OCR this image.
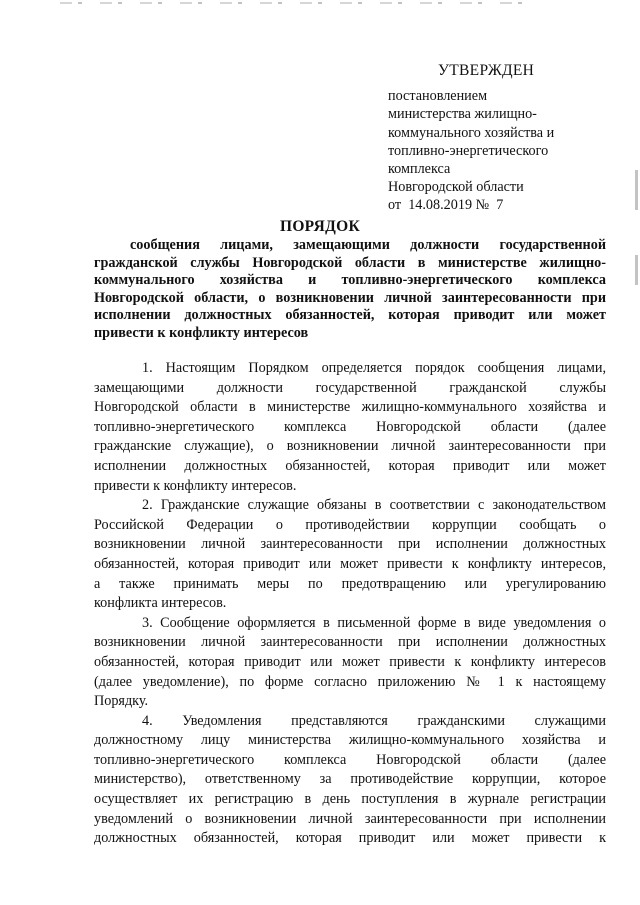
УТВЕРЖДЕН
постановлением
министерства жилищно-
коммунального хозяйства и
топливно-энергетического
комплекса
Новгородской области
от  14.08.2019 №  7
ПОРЯДОК
сообщения лицами, замещающими должности государственной
гражданской службы Новгородской области в министерстве жилищно-
коммунального хозяйства и топливно-энергетического комплекса
Новгородской области, о возникновении личной заинтересованности при
исполнении должностных обязанностей, которая приводит или может
привести к конфликту интересов
1. Настоящим Порядком определяется порядок сообщения лицами,
замещающими должности государственной гражданской службы
Новгородской области в министерстве жилищно-коммунального хозяйства и
топливно-энергетического комплекса Новгородской области (далее
гражданские служащие), о возникновении личной заинтересованности при
исполнении должностных обязанностей, которая приводит или может
привести к конфликту интересов.
2. Гражданские служащие обязаны в соответствии с законодательством
Российской Федерации о противодействии коррупции сообщать о
возникновении личной заинтересованности при исполнении должностных
обязанностей, которая приводит или может привести к конфликту интересов,
а также принимать меры по предотвращению или урегулированию
конфликта интересов.
3. Сообщение оформляется в письменной форме в виде уведомления о
возникновении личной заинтересованности при исполнении должностных
обязанностей, которая приводит или может привести к конфликту интересов
(далее уведомление), по форме согласно приложению № 1 к настоящему
Порядку.
4. Уведомления представляются гражданскими служащими
должностному лицу министерства жилищно-коммунального хозяйства и
топливно-энергетического комплекса Новгородской области (далее
министерство), ответственному за противодействие коррупции, которое
осуществляет их регистрацию в день поступления в журнале регистрации
уведомлений о возникновении личной заинтересованности при исполнении
должностных обязанностей, которая приводит или может привести к
